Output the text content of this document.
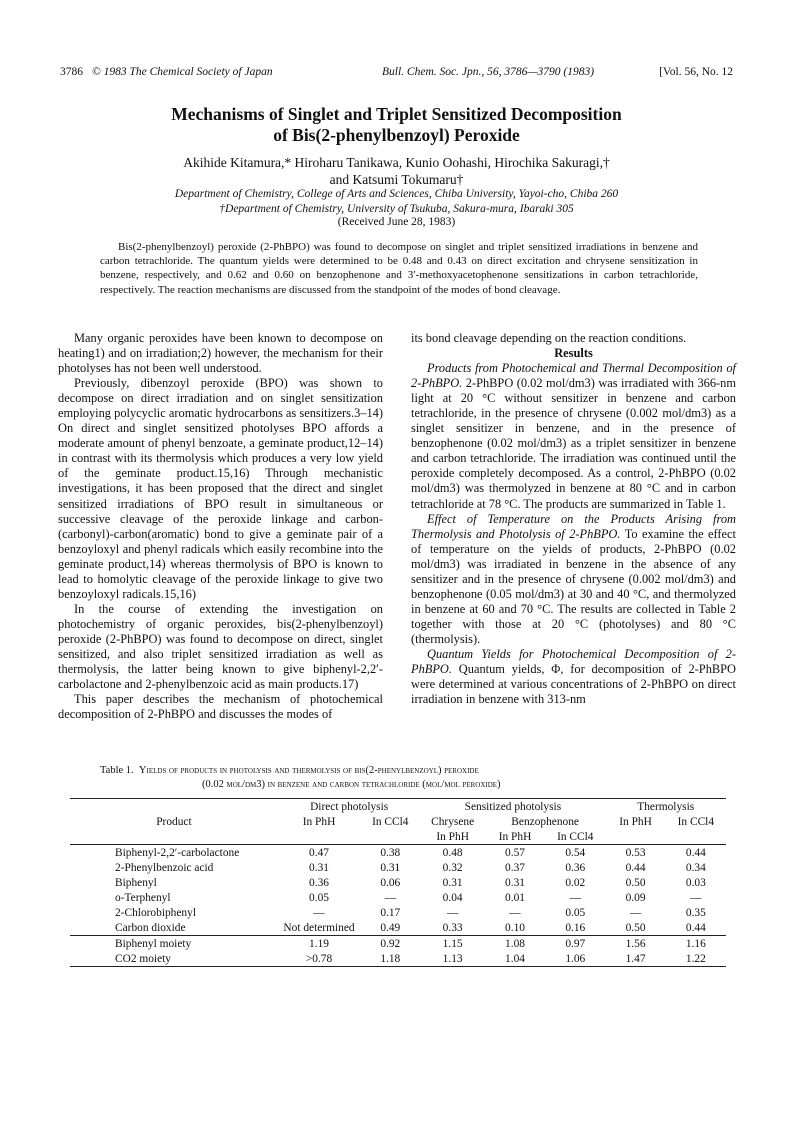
3786 © 1983 The Chemical Society of Japan	Bull. Chem. Soc. Jpn., 56, 3786—3790 (1983)	[Vol. 56, No. 12
Mechanisms of Singlet and Triplet Sensitized Decomposition
of Bis(2-phenylbenzoyl) Peroxide
Akihide Kitamura,* Hiroharu Tanikawa, Kunio Oohashi, Hirochika Sakuragi,†
and Katsumi Tokumaru†
Department of Chemistry, College of Arts and Sciences, Chiba University, Yayoi-cho, Chiba 260
†Department of Chemistry, University of Tsukuba, Sakura-mura, Ibaraki 305
(Received June 28, 1983)
Bis(2-phenylbenzoyl) peroxide (2-PhBPO) was found to decompose on singlet and triplet sensitized irradiations in benzene and carbon tetrachloride. The quantum yields were determined to be 0.48 and 0.43 on direct excitation and chrysene sensitization in benzene, respectively, and 0.62 and 0.60 on benzophenone and 3′-methoxyacetophenone sensitizations in carbon tetrachloride, respectively. The reaction mechanisms are discussed from the standpoint of the modes of bond cleavage.

Many organic peroxides have been known to decompose on heating1) and on irradiation;2) however, the mechanism for their photolyses has not been well understood.

Previously, dibenzoyl peroxide (BPO) was shown to decompose on direct irradiation and on singlet sensitization employing polycyclic aromatic hydrocarbons as sensitizers.3–14) On direct and singlet sensitized photolyses BPO affords a moderate amount of phenyl benzoate, a geminate product,12–14) in contrast with its thermolysis which produces a very low yield of the geminate product.15,16) Through mechanistic investigations, it has been proposed that the direct and singlet sensitized irradiations of BPO result in simultaneous or successive cleavage of the peroxide linkage and carbon-(carbonyl)-carbon(aromatic) bond to give a geminate pair of a benzoyloxyl and phenyl radicals which easily recombine into the geminate product,14) whereas thermolysis of BPO is known to lead to homolytic cleavage of the peroxide linkage to give two benzoyloxyl radicals.15,16)

In the course of extending the investigation on photochemistry of organic peroxides, bis(2-phenylbenzoyl) peroxide (2-PhBPO) was found to decompose on direct, singlet sensitized, and also triplet sensitized irradiation as well as thermolysis, the latter being known to give biphenyl-2,2′-carbolactone and 2-phenylbenzoic acid as main products.17)

This paper describes the mechanism of photochemical decomposition of 2-PhBPO and discusses the modes of

its bond cleavage depending on the reaction conditions.

Results

Products from Photochemical and Thermal Decomposition of 2-PhBPO. 2-PhBPO (0.02 mol/dm3) was irradiated with 366-nm light at 20 °C without sensitizer in benzene and carbon tetrachloride, in the presence of chrysene (0.002 mol/dm3) as a singlet sensitizer in benzene, and in the presence of benzophenone (0.02 mol/dm3) as a triplet sensitizer in benzene and carbon tetrachloride. The irradiation was continued until the peroxide completely decomposed. As a control, 2-PhBPO (0.02 mol/dm3) was thermolyzed in benzene at 80 °C and in carbon tetrachloride at 78 °C. The products are summarized in Table 1.

Effect of Temperature on the Products Arising from Thermolysis and Photolysis of 2-PhBPO. To examine the effect of temperature on the yields of products, 2-PhBPO (0.02 mol/dm3) was irradiated in benzene in the absence of any sensitizer and in the presence of chrysene (0.002 mol/dm3) and benzophenone (0.05 mol/dm3) at 30 and 40 °C, and thermolyzed in benzene at 60 and 70 °C. The results are collected in Table 2 together with those at 20 °C (photolyses) and 80 °C (thermolysis).

Quantum Yields for Photochemical Decomposition of 2-PhBPO. Quantum yields, Φ, for decomposition of 2-PhBPO were determined at various concentrations of 2-PhBPO on direct irradiation in benzene with 313-nm

Table 1. Yields of products in photolysis and thermolysis of bis(2-phenylbenzoyl) peroxide
(0.02 mol/dm3) in benzene and carbon tetrachloride (mol/mol peroxide)
Product	Direct photolysis		Sensitized photolysis			Thermolysis	
	In PhH	In CCl4	Chrysene	Benzophenone		In PhH	In CCl4
			In PhH	In PhH	In CCl4		
Biphenyl-2,2′-carbolactone	0.47	0.38	0.48	0.57	0.54	0.53	0.44
2-Phenylbenzoic acid	0.31	0.31	0.32	0.37	0.36	0.44	0.34
Biphenyl	0.36	0.06	0.31	0.31	0.02	0.50	0.03
o-Terphenyl	0.05	—	0.04	0.01	—	0.09	—
2-Chlorobiphenyl	—	0.17	—	—	0.05	—	0.35
Carbon dioxide	Not determined	0.49	0.33	0.10	0.16	0.50	0.44
Biphenyl moiety	1.19	0.92	1.15	1.08	0.97	1.56	1.16
CO2 moiety	>0.78	1.18	1.13	1.04	1.06	1.47	1.22
